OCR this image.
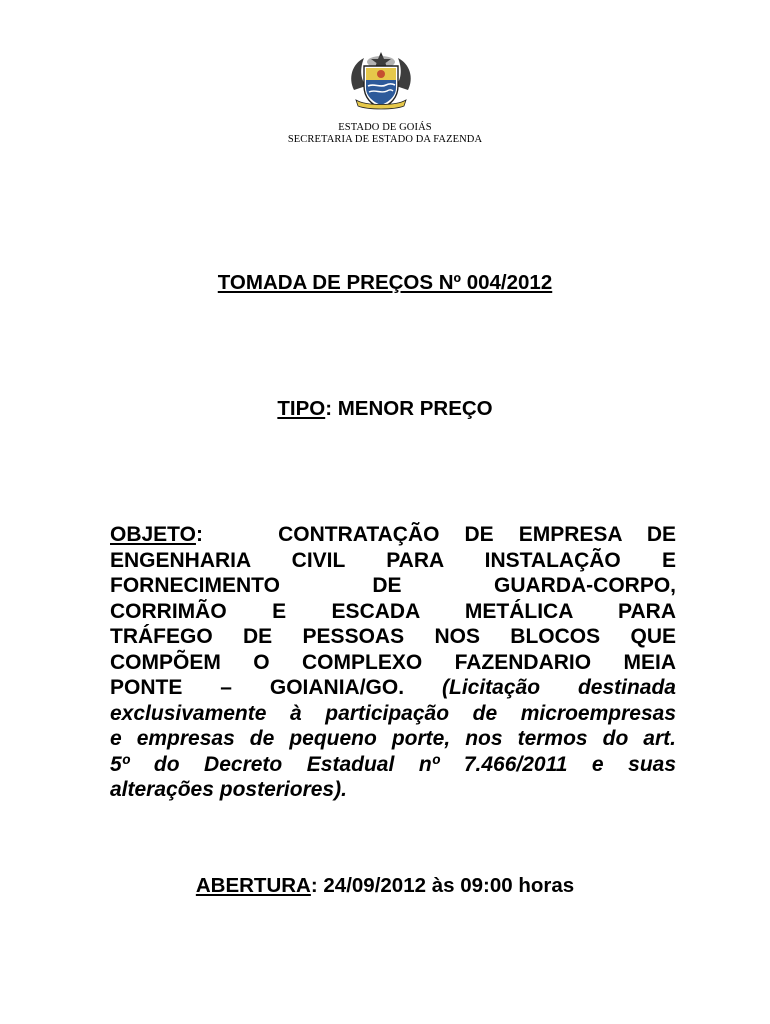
ESTADO DE GOIÁS
SECRETARIA DE ESTADO DA FAZENDA
TOMADA DE PREÇOS Nº 004/2012
TIPO: MENOR PREÇO
OBJETO:	CONTRATAÇÃO DE EMPRESA DE
ENGENHARIA CIVIL PARA INSTALAÇÃO E
FORNECIMENTO DE GUARDA-CORPO,
CORRIMÃO E ESCADA METÁLICA PARA
TRÁFEGO DE PESSOAS NOS BLOCOS QUE
COMPÕEM O COMPLEXO FAZENDARIO MEIA
PONTE – GOIANIA/GO. (Licitação destinada
exclusivamente à participação de microempresas
e empresas de pequeno porte, nos termos do art.
5º do Decreto Estadual nº 7.466/2011 e suas
alterações posteriores).
ABERTURA: 24/09/2012 às 09:00 horas
